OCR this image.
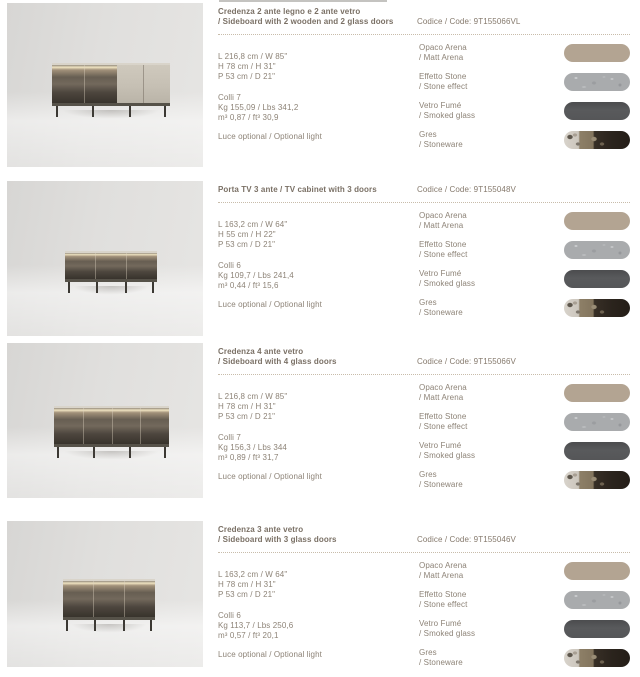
Credenza 2 ante legno e 2 ante vetro
/ Sideboard with 2 wooden and 2 glass doors	Codice / Code: 9T155066VL

L 216,8 cm / W 85"
H 78 cm / H 31"
P 53 cm / D 21"

Colli 7
Kg 155,09 / Lbs 341,2
m³ 0,87 / ft³ 30,9

Luce optional / Optional light

Opaco Arena
/ Matt Arena
Effetto Stone
/ Stone effect
Vetro Fumé
/ Smoked glass
Gres
/ Stoneware
Porta TV 3 ante / TV cabinet with 3 doors	Codice / Code: 9T155048V

L 163,2 cm / W 64"
H 55 cm / H 22"
P 53 cm / D 21"

Colli 6
Kg 109,7 / Lbs 241,4
m³ 0,44 / ft³ 15,6

Luce optional / Optional light

Opaco Arena
/ Matt Arena
Effetto Stone
/ Stone effect
Vetro Fumé
/ Smoked glass
Gres
/ Stoneware
Credenza 4 ante vetro
/ Sideboard with 4 glass doors	Codice / Code: 9T155066V

L 216,8 cm / W 85"
H 78 cm / H 31"
P 53 cm / D 21"

Colli 7
Kg 156,3 / Lbs 344
m³ 0,89 / ft³ 31,7

Luce optional / Optional light

Opaco Arena
/ Matt Arena
Effetto Stone
/ Stone effect
Vetro Fumé
/ Smoked glass
Gres
/ Stoneware
Credenza 3 ante vetro
/ Sideboard with 3 glass doors	Codice / Code: 9T155046V

L 163,2 cm / W 64"
H 78 cm / H 31"
P 53 cm / D 21"

Colli 6
Kg 113,7 / Lbs 250,6
m³ 0,57 / ft³ 20,1

Luce optional / Optional light

Opaco Arena
/ Matt Arena
Effetto Stone
/ Stone effect
Vetro Fumé
/ Smoked glass
Gres
/ Stoneware
